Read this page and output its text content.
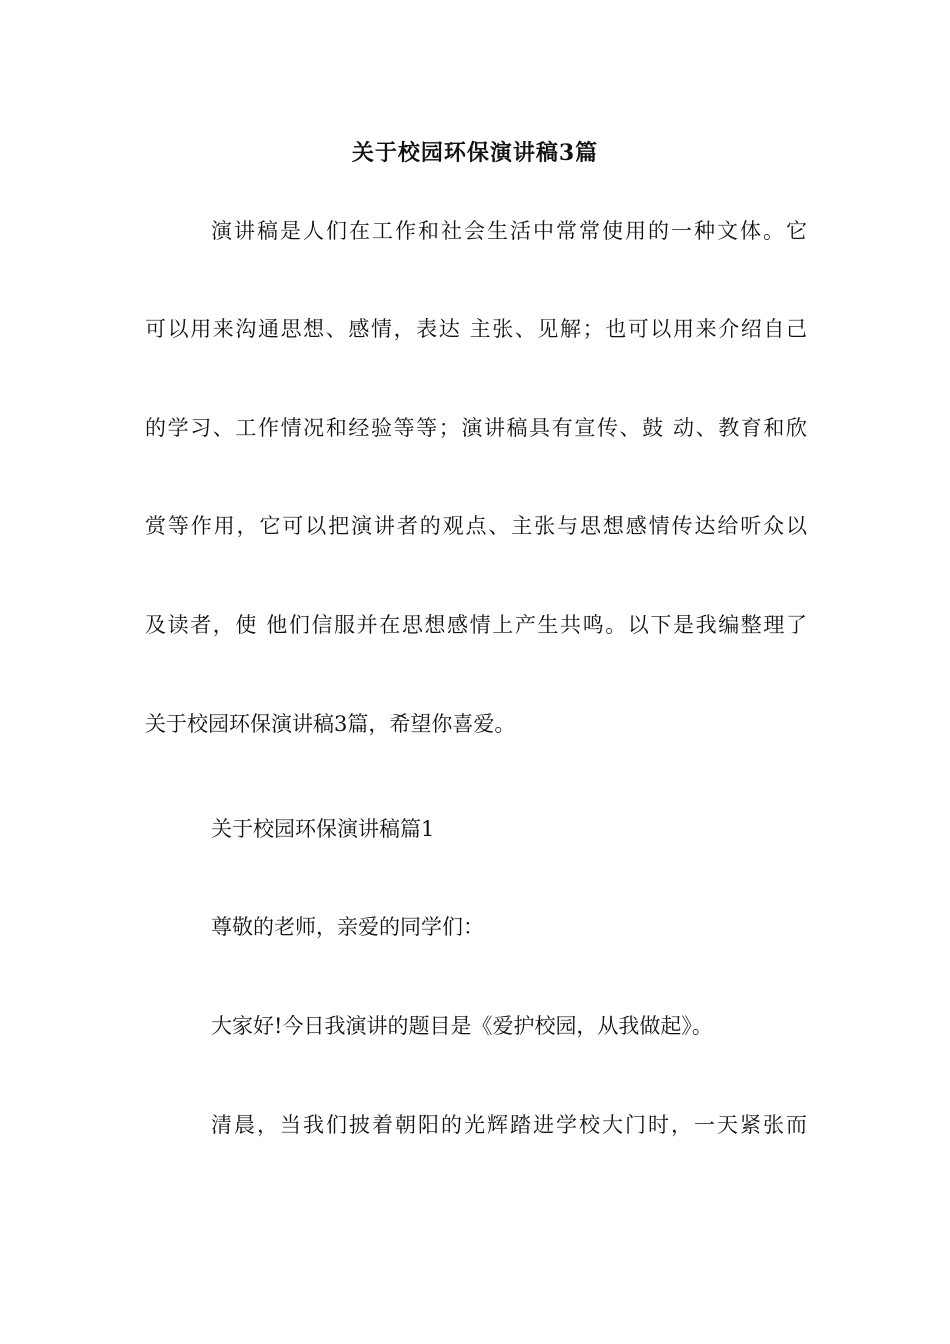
关于校园环保演讲稿3篇
演讲稿是人们在工作和社会生活中常常使用的一种文体。它
可以用来沟通思想、感情，表达 主张、见解；也可以用来介绍自己
的学习、工作情况和经验等等；演讲稿具有宣传、鼓 动、教育和欣
赏等作用，它可以把演讲者的观点、主张与思想感情传达给听众以
及读者，使 他们信服并在思想感情上产生共鸣。以下是我编整理了
关于校园环保演讲稿3篇，希望你喜爱。
关于校园环保演讲稿篇1
尊敬的老师，亲爱的同学们：
大家好!今日我演讲的题目是《爱护校园，从我做起》。
清晨，当我们披着朝阳的光辉踏进学校大门时，一天紧张而
